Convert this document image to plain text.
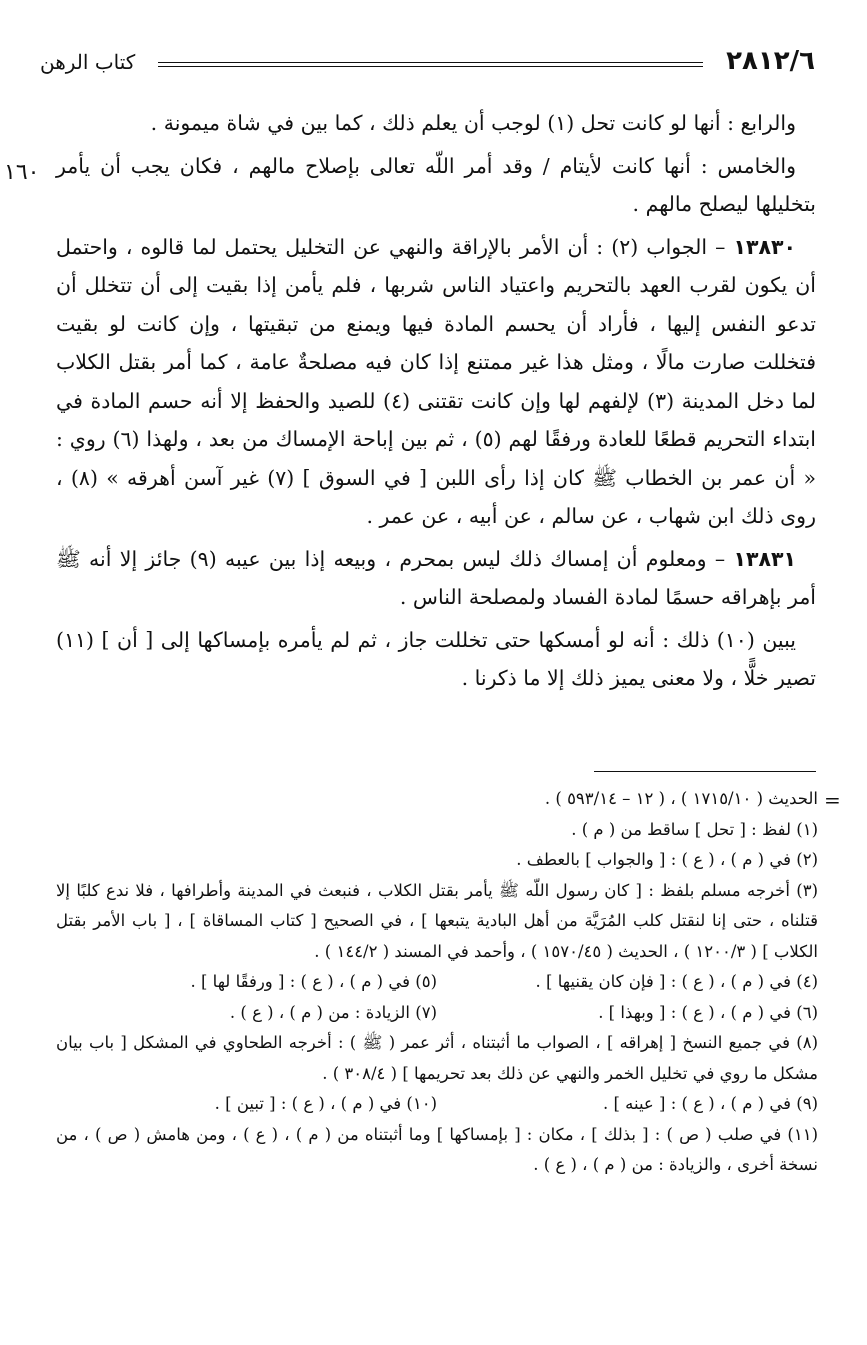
٢٨١٢/٦
كتاب الرهن
١٦٠

والرابع : أنها لو كانت تحل (١) لوجب أن يعلم ذلك ، كما بين في شاة ميمونة .

والخامس : أنها كانت لأيتام / وقد أمر اللّه تعالى بإصلاح مالهم ، فكان يجب أن يأمر بتخليلها ليصلح مالهم .

١٣٨٣٠ – الجواب (٢) : أن الأمر بالإراقة والنهي عن التخليل يحتمل لما قالوه ، واحتمل أن يكون لقرب العهد بالتحريم واعتياد الناس شربها ، فلم يأمن إذا بقيت إلى أن تتخلل أن تدعو النفس إليها ، فأراد أن يحسم المادة فيها ويمنع من تبقيتها ، وإن كانت لو بقيت فتخللت صارت مالًا ، ومثل هذا غير ممتنع إذا كان فيه مصلحةٌ عامة ، كما أمر بقتل الكلاب لما دخل المدينة (٣) لإلفهم لها وإن كانت تقتنى (٤) للصيد والحفظ إلا أنه حسم المادة في ابتداء التحريم قطعًا للعادة ورفقًا لهم (٥) ، ثم بين إباحة الإمساك من بعد ، ولهذا (٦) روي : « أن عمر بن الخطاب ﷺ كان إذا رأى اللبن [ في السوق ] (٧) غير آسن أهرقه » (٨) ، روى ذلك ابن شهاب ، عن سالم ، عن أبيه ، عن عمر .

١٣٨٣١ – ومعلوم أن إمساك ذلك ليس بمحرم ، وبيعه إذا بين عيبه (٩) جائز إلا أنه ﷺ أمر بإهراقه حسمًا لمادة الفساد ولمصلحة الناس .

يبين (١٠) ذلك : أنه لو أمسكها حتى تخللت جاز ، ثم لم يأمره بإمساكها إلى [ أن ] (١١) تصير خلًّا ، ولا معنى يميز ذلك إلا ما ذكرنا .

=

الحديث ( ١٧١٥/١٠ ) ، ( ١٢ – ٥٩٣/١٤ ) .

(١) لفظ : [ تحل ] ساقط من ( م ) .

(٢) في ( م ) ، ( ع ) : [ والجواب ] بالعطف .

(٣) أخرجه مسلم بلفظ : [ كان رسول اللّه ﷺ يأمر بقتل الكلاب ، فنبعث في المدينة وأطرافها ، فلا ندع كلبًا إلا قتلناه ، حتى إنا لنقتل كلب المُرَيَّة من أهل البادية يتبعها ] ، في الصحيح [ كتاب المساقاة ] ، [ باب الأمر بقتل الكلاب ] ( ١٢٠٠/٣ ) ، الحديث ( ١٥٧٠/٤٥ ) ، وأحمد في المسند ( ١٤٤/٢ ) .

(٤) في ( م ) ، ( ع ) : [ فإن كان يقنيها ] .

(٥) في ( م ) ، ( ع ) : [ ورفقًا لها ] .

(٦) في ( م ) ، ( ع ) : [ وبهذا ] .

(٧) الزيادة : من ( م ) ، ( ع ) .

(٨) في جميع النسخ [ إهراقه ] ، الصواب ما أثبتناه ، أثر عمر ( ﷺ ) : أخرجه الطحاوي في المشكل [ باب بيان مشكل ما روي في تخليل الخمر والنهي عن ذلك بعد تحريمها ] ( ٣٠٨/٤ ) .

(٩) في ( م ) ، ( ع ) : [ عينه ] .

(١٠) في ( م ) ، ( ع ) : [ تبين ] .

(١١) في صلب ( ص ) : [ بذلك ] ، مكان : [ بإمساكها ] وما أثبتناه من ( م ) ، ( ع ) ، ومن هامش ( ص ) ، من نسخة أخرى ، والزيادة : من ( م ) ، ( ع ) .
